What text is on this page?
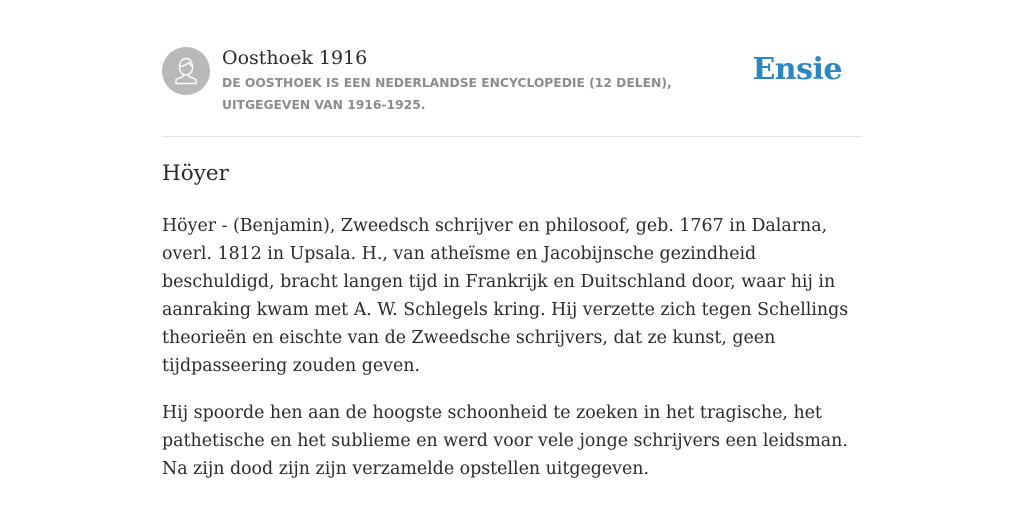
Oosthoek 1916
DE OOSTHOEK IS EEN NEDERLANDSE ENCYCLOPEDIE (12 DELEN), UITGEGEVEN VAN 1916-1925.
Ensie
Höyer

Höyer - (Benjamin), Zweedsch schrijver en philosoof, geb. 1767 in Dalarna, overl. 1812 in Upsala. H., van atheïsme en Jacobijnsche gezindheid beschuldigd, bracht langen tijd in Frankrijk en Duitschland door, waar hij in aanraking kwam met A. W. Schlegels kring. Hij verzette zich tegen Schellings theorieën en eischte van de Zweedsche schrijvers, dat ze kunst, geen tijdpasseering zouden geven.

Hij spoorde hen aan de hoogste schoonheid te zoeken in het tragische, het pathetische en het sublieme en werd voor vele jonge schrijvers een leidsman. Na zijn dood zijn zijn verzamelde opstellen uitgegeven.
